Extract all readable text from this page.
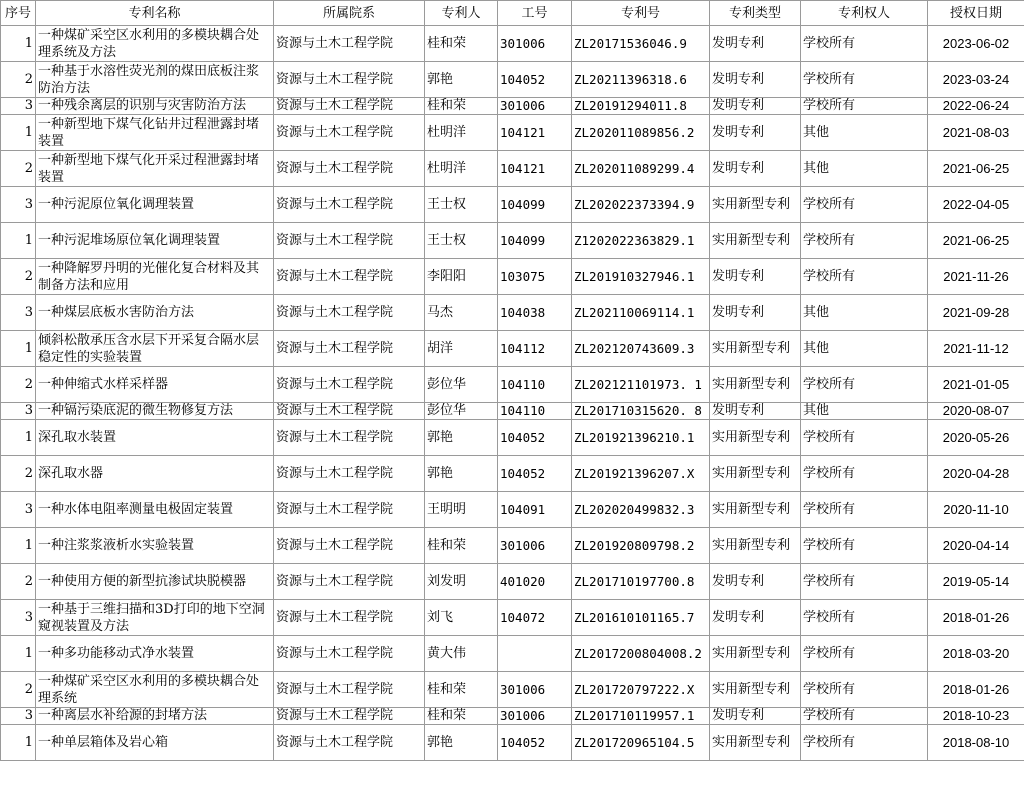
序号	专利名称	所属院系	专利人	工号	专利号	专利类型	专利权人	授权日期
1	一种煤矿采空区水利用的多模块耦合处理系统及方法	资源与土木工程学院	桂和荣	301006	ZL20171536046.9	发明专利	学校所有	2023-06-02
2	一种基于水溶性荧光剂的煤田底板注浆防治方法	资源与土木工程学院	郭艳	104052	ZL20211396318.6	发明专利	学校所有	2023-03-24
3	一种残余离层的识别与灾害防治方法	资源与土木工程学院	桂和荣	301006	ZL20191294011.8	发明专利	学校所有	2022-06-24
1	一种新型地下煤气化钻井过程泄露封堵装置	资源与土木工程学院	杜明洋	104121	ZL202011089856.2	发明专利	其他	2021-08-03
2	一种新型地下煤气化开采过程泄露封堵装置	资源与土木工程学院	杜明洋	104121	ZL202011089299.4	发明专利	其他	2021-06-25
3	一种污泥原位氧化调理装置	资源与土木工程学院	王士权	104099	ZL202022373394.9	实用新型专利	学校所有	2022-04-05
1	一种污泥堆场原位氧化调理装置	资源与土木工程学院	王士权	104099	Z1202022363829.1	实用新型专利	学校所有	2021-06-25
2	一种降解罗丹明的光催化复合材料及其制备方法和应用	资源与土木工程学院	李阳阳	103075	ZL201910327946.1	发明专利	学校所有	2021-11-26
3	一种煤层底板水害防治方法	资源与土木工程学院	马杰	104038	ZL202110069114.1	发明专利	其他	2021-09-28
1	倾斜松散承压含水层下开采复合隔水层稳定性的实验装置	资源与土木工程学院	胡洋	104112	ZL202120743609.3	实用新型专利	其他	2021-11-12
2	一种伸缩式水样采样器	资源与土木工程学院	彭位华	104110	ZL202121101973. 1	实用新型专利	学校所有	2021-01-05
3	一种镉污染底泥的微生物修复方法	资源与土木工程学院	彭位华	104110	ZL201710315620. 8	发明专利	其他	2020-08-07
1	深孔取水装置	资源与土木工程学院	郭艳	104052	ZL201921396210.1	实用新型专利	学校所有	2020-05-26
2	深孔取水器	资源与土木工程学院	郭艳	104052	ZL201921396207.X	实用新型专利	学校所有	2020-04-28
3	一种水体电阻率测量电极固定装置	资源与土木工程学院	王明明	104091	ZL202020499832.3	实用新型专利	学校所有	2020-11-10
1	一种注浆浆液析水实验装置	资源与土木工程学院	桂和荣	301006	ZL201920809798.2	实用新型专利	学校所有	2020-04-14
2	一种使用方便的新型抗渗试块脱模器	资源与土木工程学院	刘发明	401020	ZL201710197700.8	发明专利	学校所有	2019-05-14
3	一种基于三维扫描和3D打印的地下空洞窥视装置及方法	资源与土木工程学院	刘飞	104072	ZL201610101165.7	发明专利	学校所有	2018-01-26
1	一种多功能移动式净水装置	资源与土木工程学院	黄大伟		ZL2017200804008.2	实用新型专利	学校所有	2018-03-20
2	一种煤矿采空区水利用的多模块耦合处理系统	资源与土木工程学院	桂和荣	301006	ZL201720797222.X	实用新型专利	学校所有	2018-01-26
3	一种离层水补给源的封堵方法	资源与土木工程学院	桂和荣	301006	ZL201710119957.1	发明专利	学校所有	2018-10-23
1	一种单层箱体及岩心箱	资源与土木工程学院	郭艳	104052	ZL201720965104.5	实用新型专利	学校所有	2018-08-10
